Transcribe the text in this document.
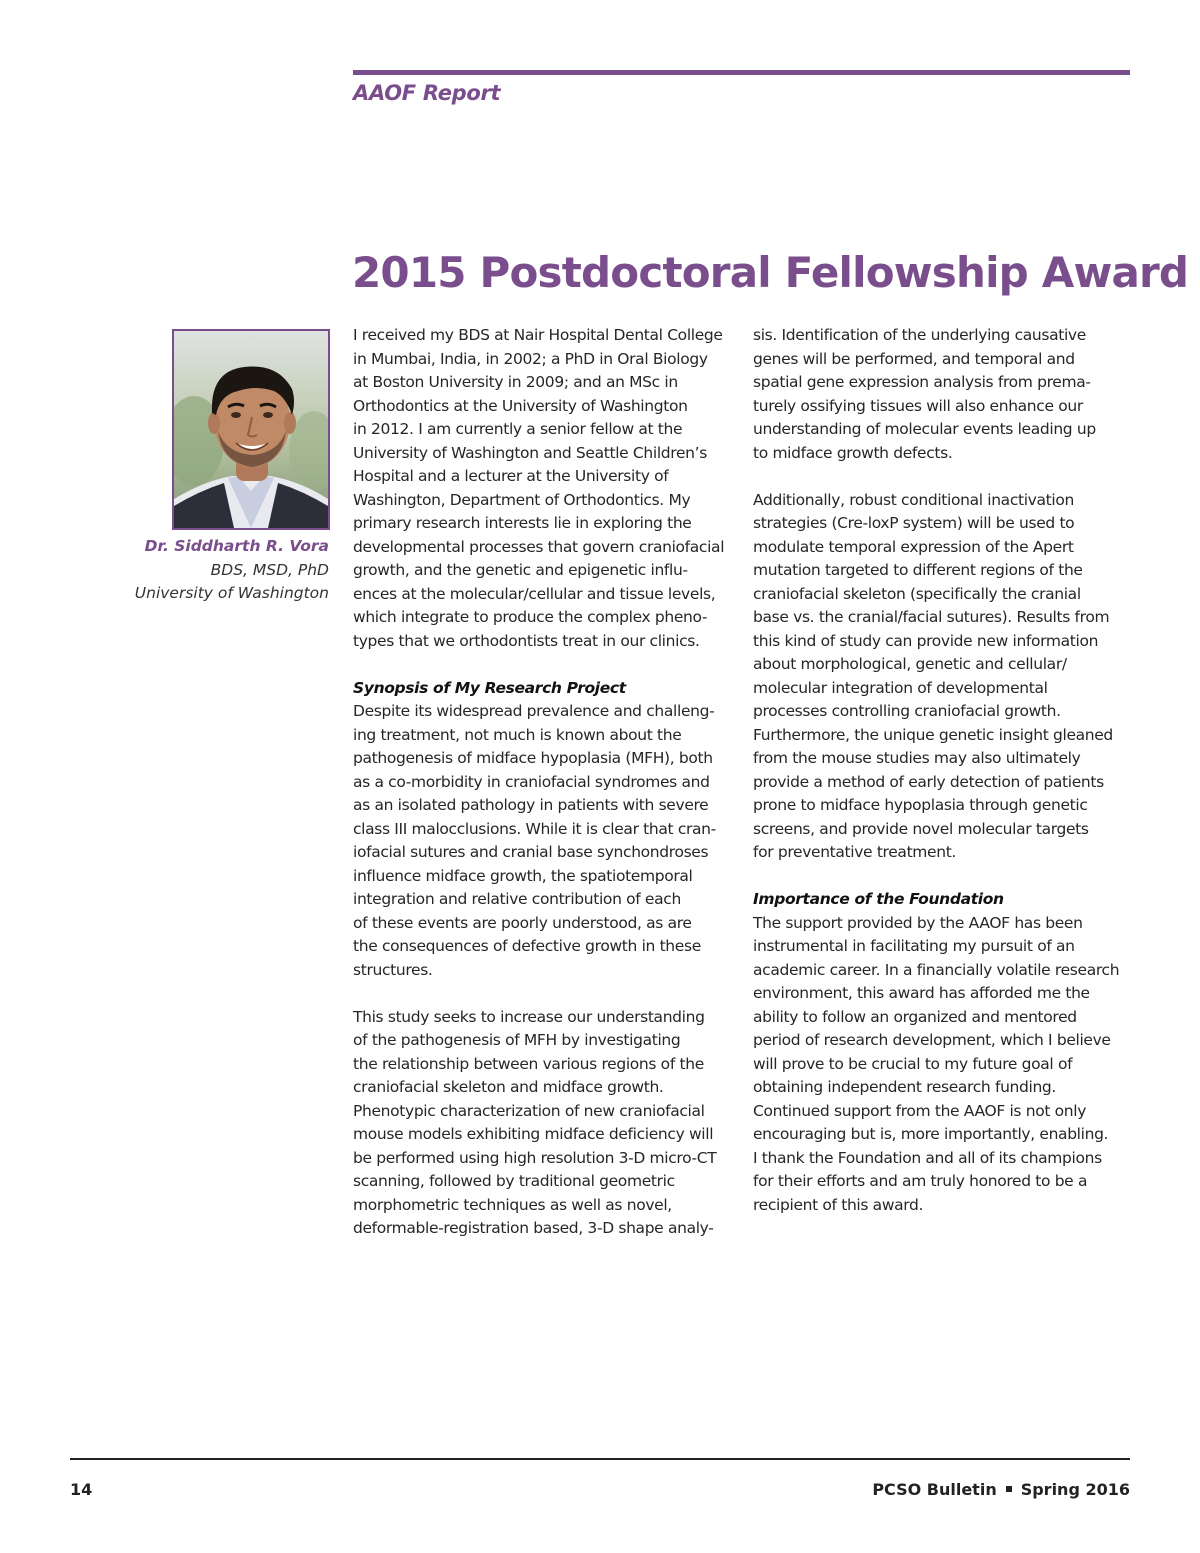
AAOF Report
2015 Postdoctoral Fellowship Award
Dr. Siddharth R. Vora
BDS, MSD, PhD
University of Washington
I received my BDS at Nair Hospital Dental College
in Mumbai, India, in 2002; a PhD in Oral Biology
at Boston University in 2009; and an MSc in
Orthodontics at the University of Washington
in 2012. I am currently a senior fellow at the
University of Washington and Seattle Children’s
Hospital and a lecturer at the University of
Washington, Department of Orthodontics. My
primary research interests lie in exploring the
developmental processes that govern craniofacial
growth, and the genetic and epigenetic influ-
ences at the molecular/cellular and tissue levels,
which integrate to produce the complex pheno-
types that we orthodontists treat in our clinics.
Synopsis of My Research Project
Despite its widespread prevalence and challeng-
ing treatment, not much is known about the
pathogenesis of midface hypoplasia (MFH), both
as a co-morbidity in craniofacial syndromes and
as an isolated pathology in patients with severe
class III malocclusions. While it is clear that cran-
iofacial sutures and cranial base synchondroses
influence midface growth, the spatiotemporal
integration and relative contribution of each
of these events are poorly understood, as are
the consequences of defective growth in these
structures.
This study seeks to increase our understanding
of the pathogenesis of MFH by investigating
the relationship between various regions of the
craniofacial skeleton and midface growth.
Phenotypic characterization of new craniofacial
mouse models exhibiting midface deficiency will
be performed using high resolution 3-D micro-CT
scanning, followed by traditional geometric
morphometric techniques as well as novel,
deformable-registration based, 3-D shape analy-
sis. Identification of the underlying causative
genes will be performed, and temporal and
spatial gene expression analysis from prema-
turely ossifying tissues will also enhance our
understanding of molecular events leading up
to midface growth defects.
Additionally, robust conditional inactivation
strategies (Cre-loxP system) will be used to
modulate temporal expression of the Apert
mutation targeted to different regions of the
craniofacial skeleton (specifically the cranial
base vs. the cranial/facial sutures). Results from
this kind of study can provide new information
about morphological, genetic and cellular/
molecular integration of developmental
processes controlling craniofacial growth.
Furthermore, the unique genetic insight gleaned
from the mouse studies may also ultimately
provide a method of early detection of patients
prone to midface hypoplasia through genetic
screens, and provide novel molecular targets
for preventative treatment.
Importance of the Foundation
The support provided by the AAOF has been
instrumental in facilitating my pursuit of an
academic career. In a financially volatile research
environment, this award has afforded me the
ability to follow an organized and mentored
period of research development, which I believe
will prove to be crucial to my future goal of
obtaining independent research funding.
Continued support from the AAOF is not only
encouraging but is, more importantly, enabling.
I thank the Foundation and all of its champions
for their efforts and am truly honored to be a
recipient of this award.
14	PCSO Bulletin Spring 2016
